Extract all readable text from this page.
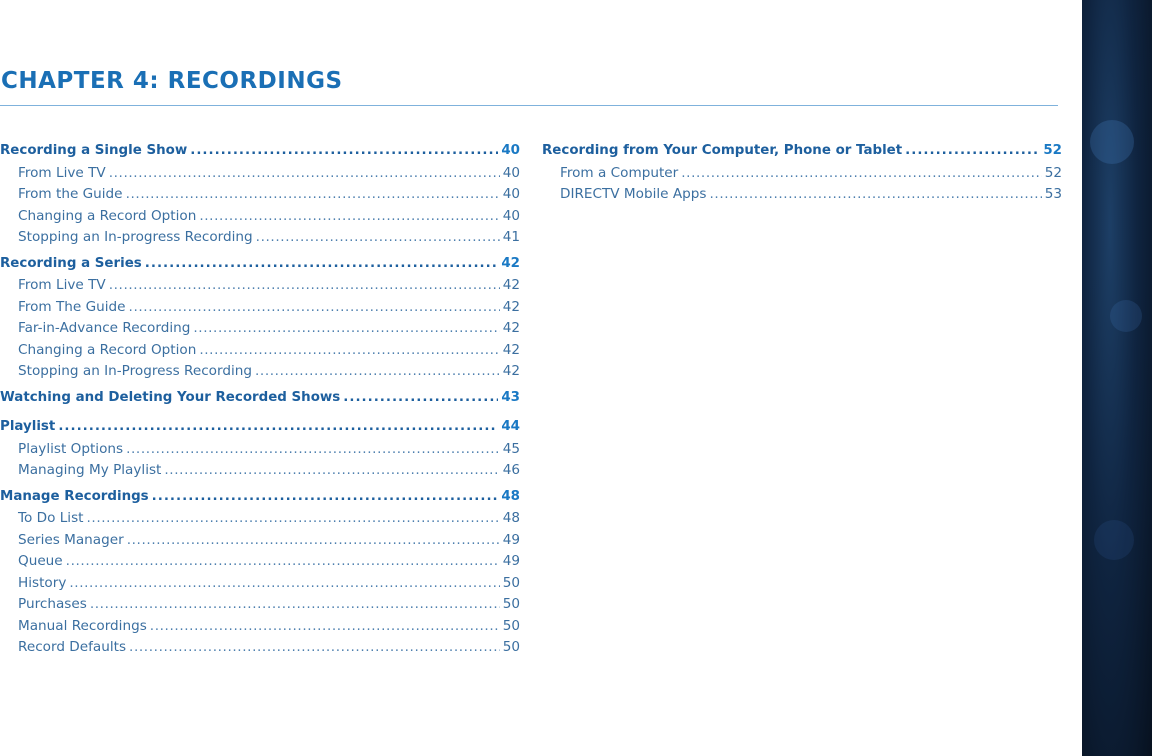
CHAPTER 4: RECORDINGS
Recording a Single Show .....	40
From Live TV .....	40
From the Guide .....	40
Changing a Record Option .....	40
Stopping an In-progress Recording .....	41
Recording a Series .....	42
From Live TV .....	42
From The Guide .....	42
Far-in-Advance Recording .....	42
Changing a Record Option .....	42
Stopping an In-Progress Recording .....	42
Watching and Deleting Your Recorded Shows .....	43
Playlist .....	44
Playlist Options .....	45
Managing My Playlist .....	46
Manage Recordings .....	48
To Do List .....	48
Series Manager .....	49
Queue .....	49
History .....	50
Purchases .....	50
Manual Recordings .....	50
Record Defaults .....	50
Recording from Your Computer, Phone or Tablet .....	52
From a Computer .....	52
DIRECTV Mobile Apps .....	53
